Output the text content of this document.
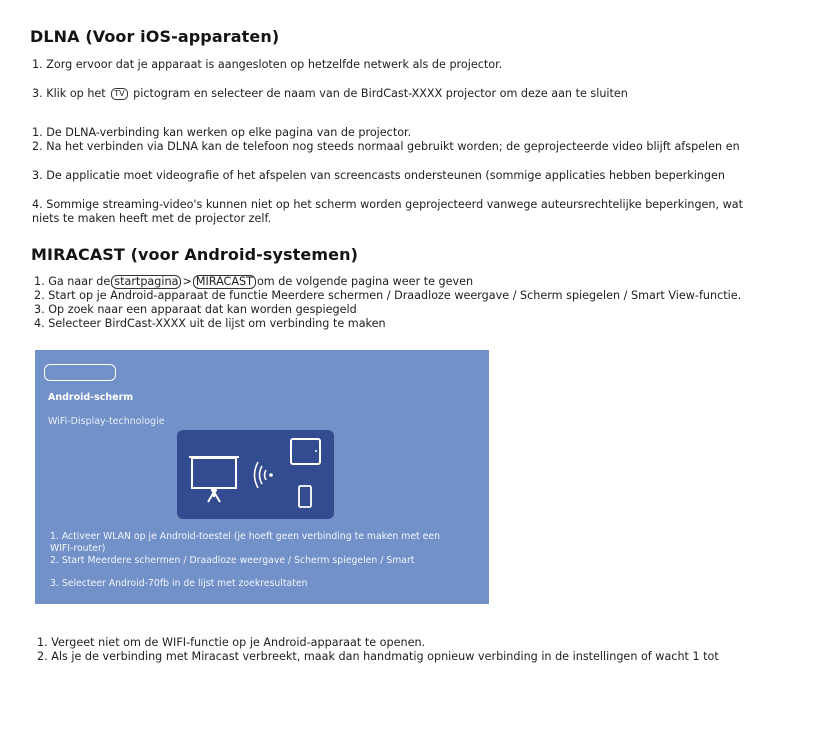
DLNA (Voor iOS-apparaten)
1. Zorg ervoor dat je apparaat is aangesloten op hetzelfde netwerk als de projector.
3. Klik op het TV pictogram en selecteer de naam van de BirdCast-XXXX projector om deze aan te sluiten
1. De DLNA-verbinding kan werken op elke pagina van de projector.
2. Na het verbinden via DLNA kan de telefoon nog steeds normaal gebruikt worden; de geprojecteerde video blijft afspelen en
3. De applicatie moet videografie of het afspelen van screencasts ondersteunen (sommige applicaties hebben beperkingen
4. Sommige streaming-video's kunnen niet op het scherm worden geprojecteerd vanwege auteursrechtelijke beperkingen, wat
niets te maken heeft met de projector zelf.
MIRACAST (voor Android-systemen)
1. Ga naar de startpagina > MIRACAST om de volgende pagina weer te geven
2. Start op je Android-apparaat de functie Meerdere schermen / Draadloze weergave / Scherm spiegelen / Smart View-functie.
3. Op zoek naar een apparaat dat kan worden gespiegeld
4. Selecteer BirdCast-XXXX uit de lijst om verbinding te maken
Android-scherm
WiFi-Display-technologie
1. Activeer WLAN op je Android-toestel (je hoeft geen verbinding te maken met een
WIFI-router)
2. Start Meerdere schermen / Draadloze weergave / Scherm spiegelen / Smart
3. Selecteer Android-70fb in de lijst met zoekresultaten
1. Vergeet niet om de WIFI-functie op je Android-apparaat te openen.
2. Als je de verbinding met Miracast verbreekt, maak dan handmatig opnieuw verbinding in de instellingen of wacht 1 tot
